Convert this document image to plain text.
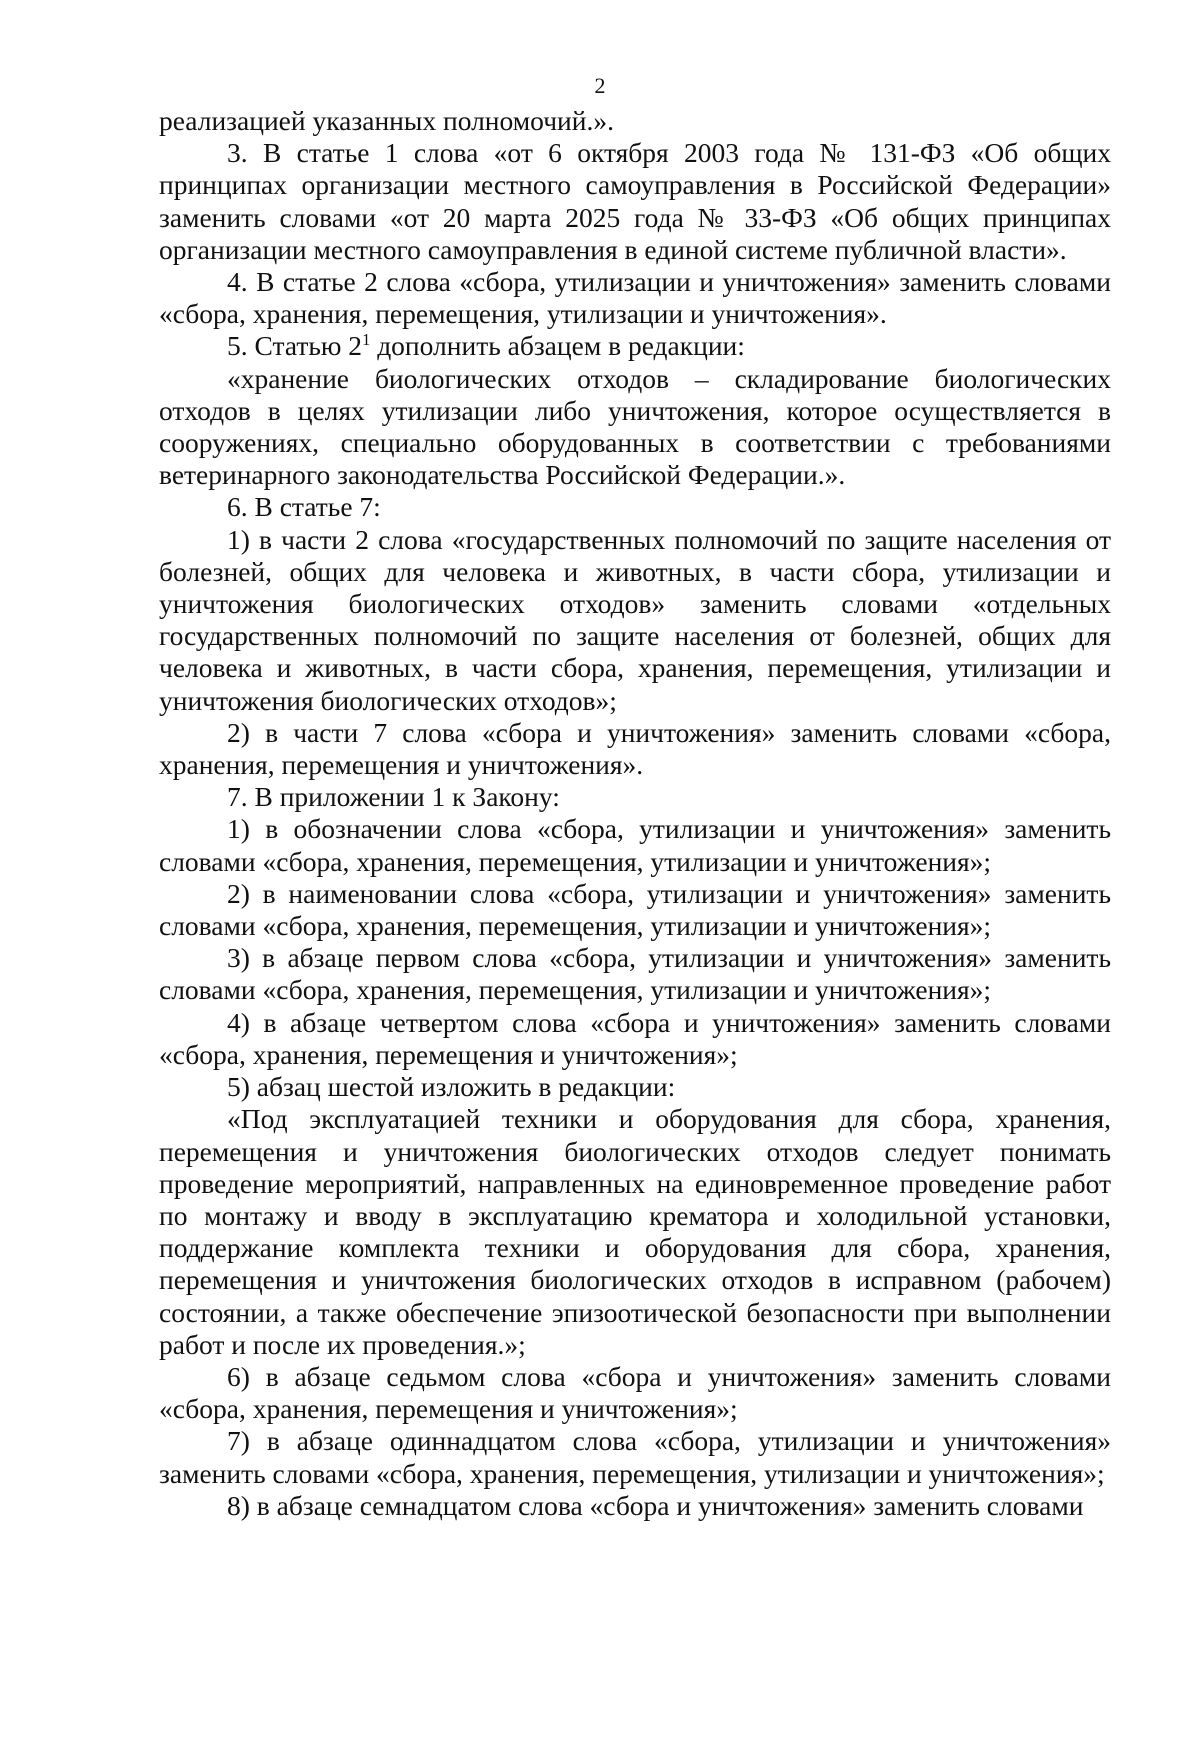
2

реализацией указанных полномочий.».

3. В статье 1 слова «от 6 октября 2003 года № 131-ФЗ «Об общих принципах организации местного самоуправления в Российской Федерации» заменить словами «от 20 марта 2025 года № 33-ФЗ «Об общих принципах организации местного самоуправления в единой системе публичной власти».

4. В статье 2 слова «сбора, утилизации и уничтожения» заменить словами «сбора, хранения, перемещения, утилизации и уничтожения».

5. Статью $2^1$ дополнить абзацем в редакции:

«хранение биологических отходов – складирование биологических отходов в целях утилизации либо уничтожения, которое осуществляется в сооружениях, специально оборудованных в соответствии с требованиями ветеринарного законодательства Российской Федерации.».

6. В статье 7:

1) в части 2 слова «государственных полномочий по защите населения от болезней, общих для человека и животных, в части сбора, утилизации и уничтожения биологических отходов» заменить словами «отдельных государственных полномочий по защите населения от болезней, общих для человека и животных, в части сбора, хранения, перемещения, утилизации и уничтожения биологических отходов»;

2) в части 7 слова «сбора и уничтожения» заменить словами «сбора, хранения, перемещения и уничтожения».

7. В приложении 1 к Закону:

1) в обозначении слова «сбора, утилизации и уничтожения» заменить словами «сбора, хранения, перемещения, утилизации и уничтожения»;

2) в наименовании слова «сбора, утилизации и уничтожения» заменить словами «сбора, хранения, перемещения, утилизации и уничтожения»;

3) в абзаце первом слова «сбора, утилизации и уничтожения» заменить словами «сбора, хранения, перемещения, утилизации и уничтожения»;

4) в абзаце четвертом слова «сбора и уничтожения» заменить словами «сбора, хранения, перемещения и уничтожения»;

5) абзац шестой изложить в редакции:

«Под эксплуатацией техники и оборудования для сбора, хранения, перемещения и уничтожения биологических отходов следует понимать проведение мероприятий, направленных на единовременное проведение работ по монтажу и вводу в эксплуатацию крематора и холодильной установки, поддержание комплекта техники и оборудования для сбора, хранения, перемещения и уничтожения биологических отходов в исправном (рабочем) состоянии, а также обеспечение эпизоотической безопасности при выполнении работ и после их проведения.»;

6) в абзаце седьмом слова «сбора и уничтожения» заменить словами «сбора, хранения, перемещения и уничтожения»;

7) в абзаце одиннадцатом слова «сбора, утилизации и уничтожения» заменить словами «сбора, хранения, перемещения, утилизации и уничтожения»;

8) в абзаце семнадцатом слова «сбора и уничтожения» заменить словами
